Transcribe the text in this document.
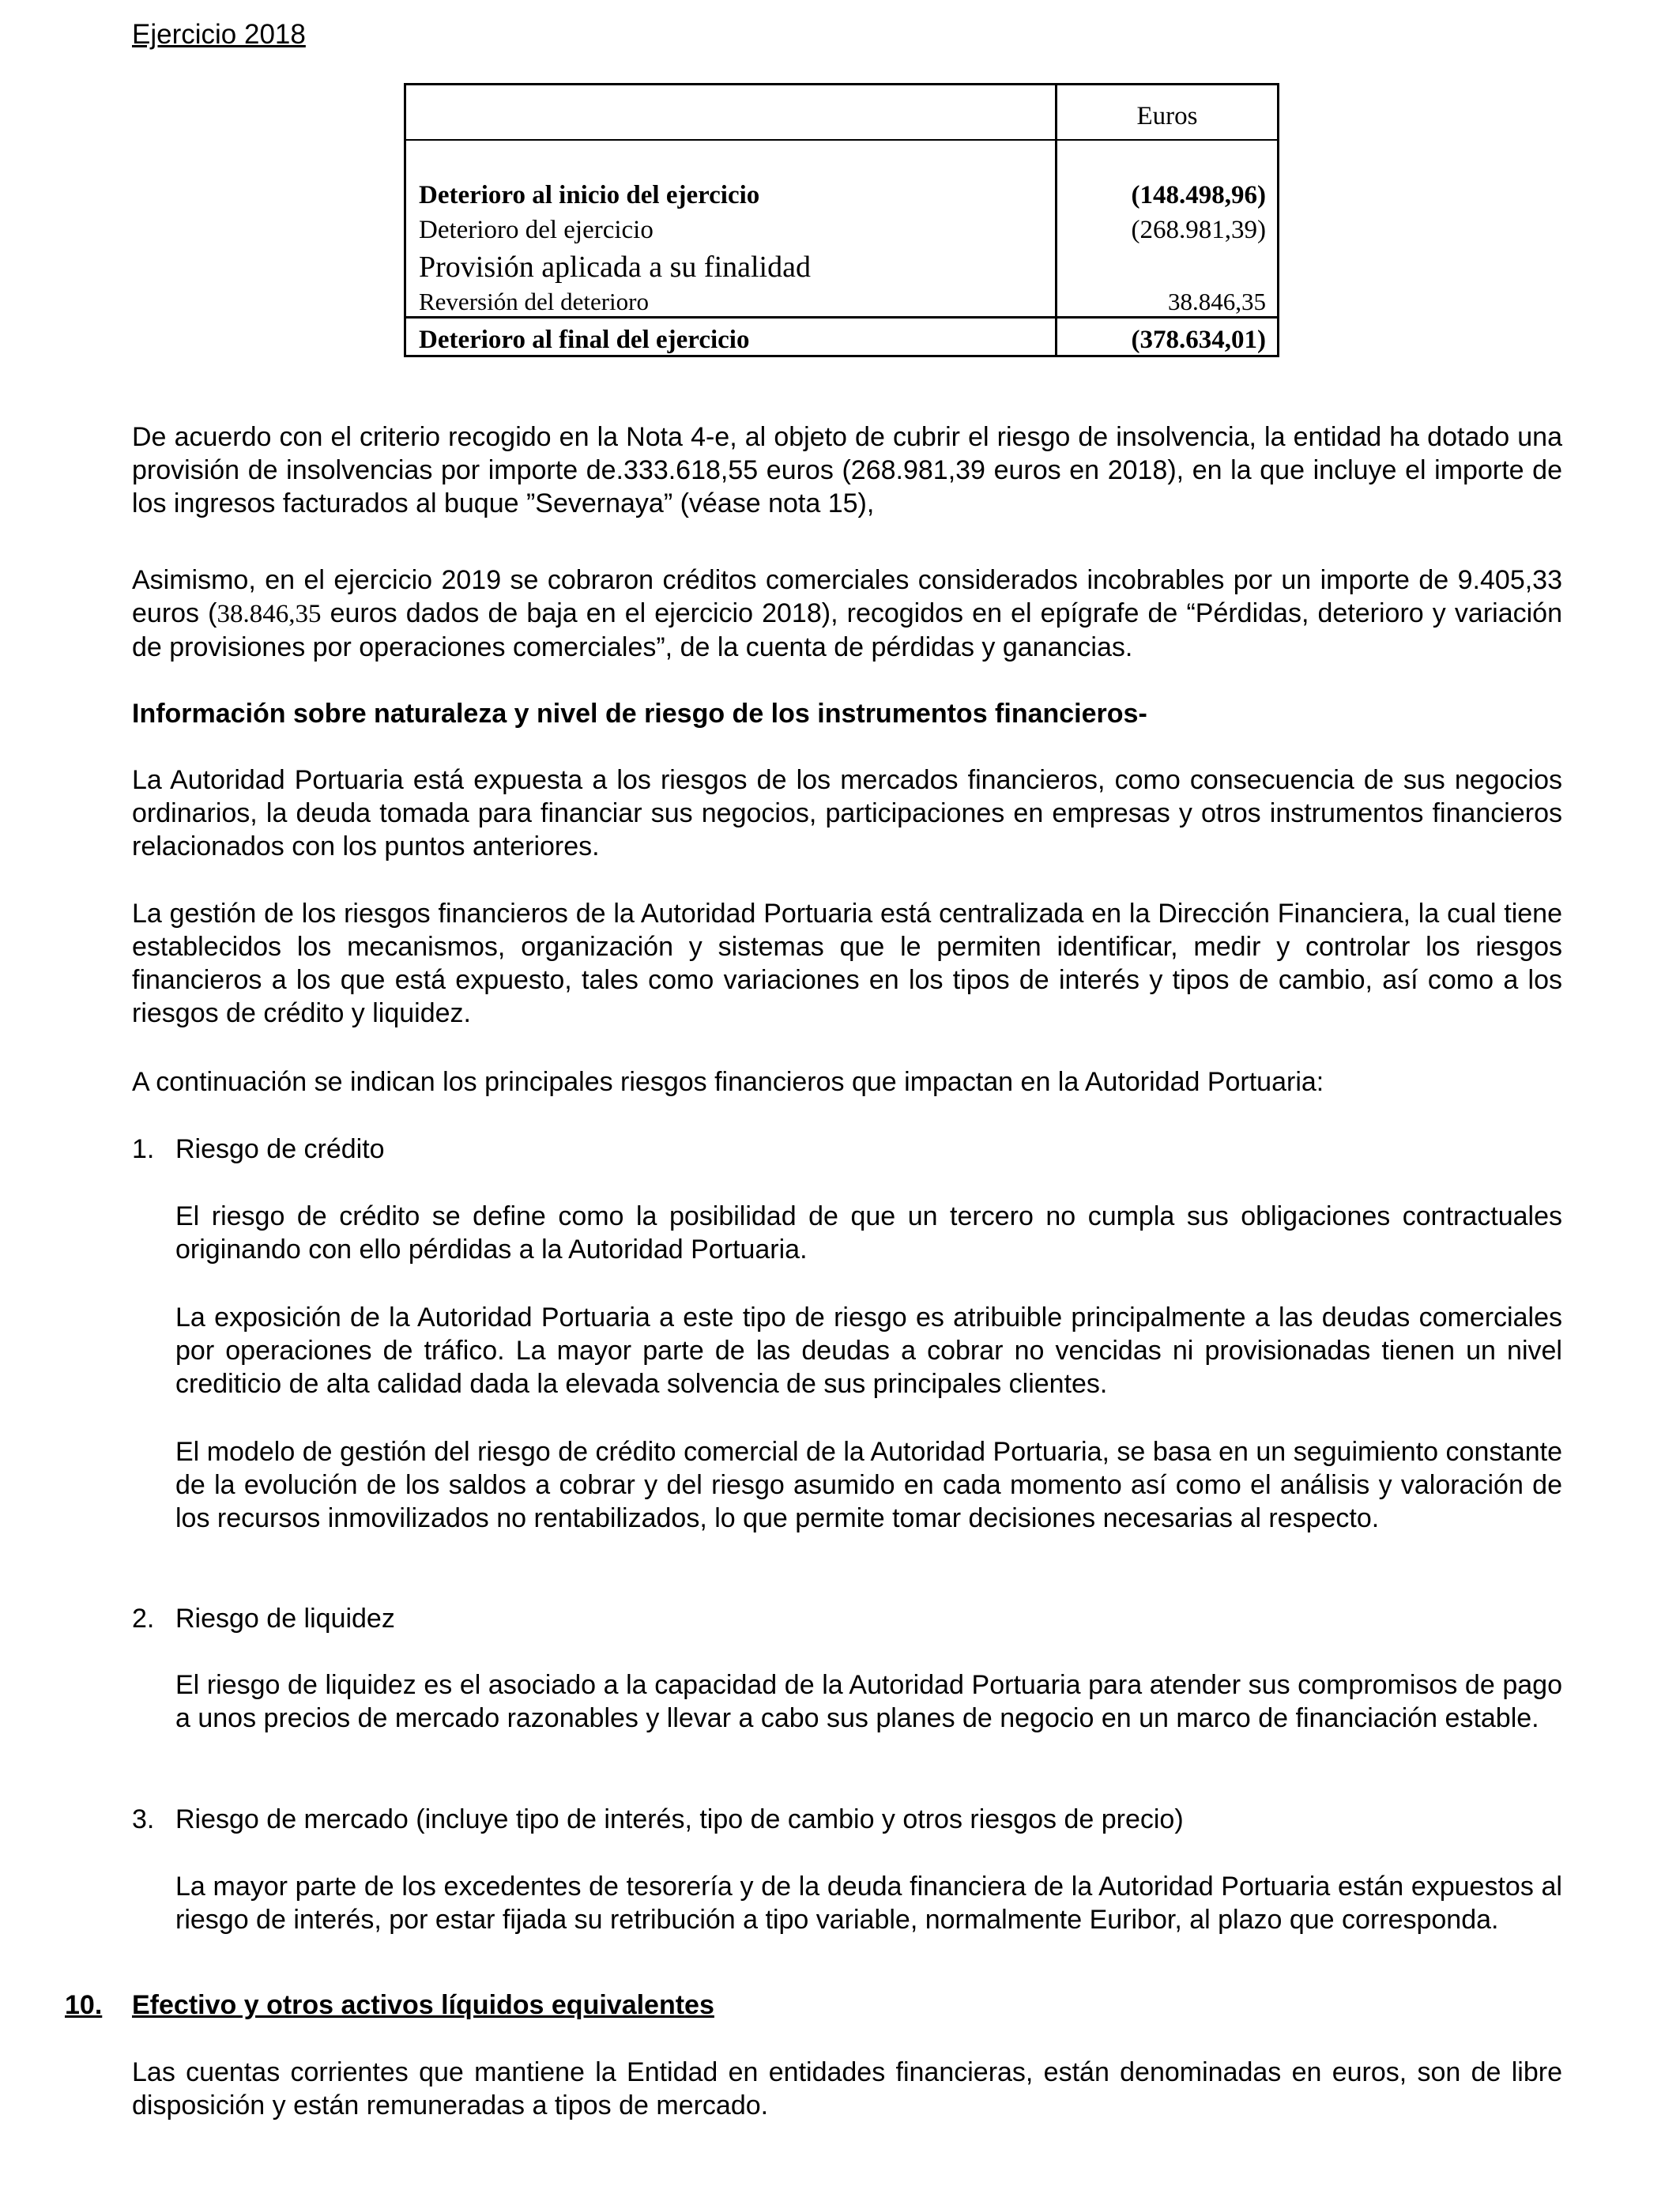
Ejercicio 2018
	Euros

Deterioro al inicio del ejercicio	(148.498,96)
Deterioro del ejercicio	(268.981,39)
Provisión aplicada a su finalidad	
Reversión del deterioro	38.846,35
Deterioro al final del ejercicio	(378.634,01)
De acuerdo con el criterio recogido en la Nota 4-e, al objeto de cubrir el riesgo de insolvencia, la entidad ha dotado una provisión de insolvencias por importe de.333.618,55 euros (268.981,39 euros en 2018), en la que incluye el importe de los ingresos facturados al buque ”Severnaya” (véase nota 15),
Asimismo, en el ejercicio 2019 se cobraron créditos comerciales considerados incobrables por un importe de 9.405,33 euros (38.846,35 euros dados de baja en el ejercicio 2018), recogidos en el epígrafe de “Pérdidas, deterioro y variación de provisiones por operaciones comerciales”, de la cuenta de pérdidas y ganancias.
Información sobre naturaleza y nivel de riesgo de los instrumentos financieros-
La Autoridad Portuaria está expuesta a los riesgos de los mercados financieros, como consecuencia de sus negocios ordinarios, la deuda tomada para financiar sus negocios, participaciones en empresas y otros instrumentos financieros relacionados con los puntos anteriores.
La gestión de los riesgos financieros de la Autoridad Portuaria está centralizada en la Dirección Financiera, la cual tiene establecidos los mecanismos, organización y sistemas que le permiten identificar, medir y controlar los riesgos financieros a los que está expuesto, tales como variaciones en los tipos de interés y tipos de cambio, así como a los riesgos de crédito y liquidez.
A continuación se indican los principales riesgos financieros que impactan en la Autoridad Portuaria:
1. Riesgo de crédito
El riesgo de crédito se define como la posibilidad de que un tercero no cumpla sus obligaciones contractuales originando con ello pérdidas a la Autoridad Portuaria.
La exposición de la Autoridad Portuaria a este tipo de riesgo es atribuible principalmente a las deudas comerciales por operaciones de tráfico. La mayor parte de las deudas a cobrar no vencidas ni provisionadas tienen un nivel crediticio de alta calidad dada la elevada solvencia de sus principales clientes.
El modelo de gestión del riesgo de crédito comercial de la Autoridad Portuaria, se basa en un seguimiento constante de la evolución de los saldos a cobrar y del riesgo asumido en cada momento así como el análisis y valoración de los recursos inmovilizados no rentabilizados, lo que permite tomar decisiones necesarias al respecto.
2. Riesgo de liquidez
El riesgo de liquidez es el asociado a la capacidad de la Autoridad Portuaria para atender sus compromisos de pago a unos precios de mercado razonables y llevar a cabo sus planes de negocio en un marco de financiación estable.
3. Riesgo de mercado (incluye tipo de interés, tipo de cambio y otros riesgos de precio)
La mayor parte de los excedentes de tesorería y de la deuda financiera de la Autoridad Portuaria están expuestos al riesgo de interés, por estar fijada su retribución a tipo variable, normalmente Euribor, al plazo que corresponda.
10. Efectivo y otros activos líquidos equivalentes
Las cuentas corrientes que mantiene la Entidad en entidades financieras, están denominadas en euros, son de libre disposición y están remuneradas a tipos de mercado.
